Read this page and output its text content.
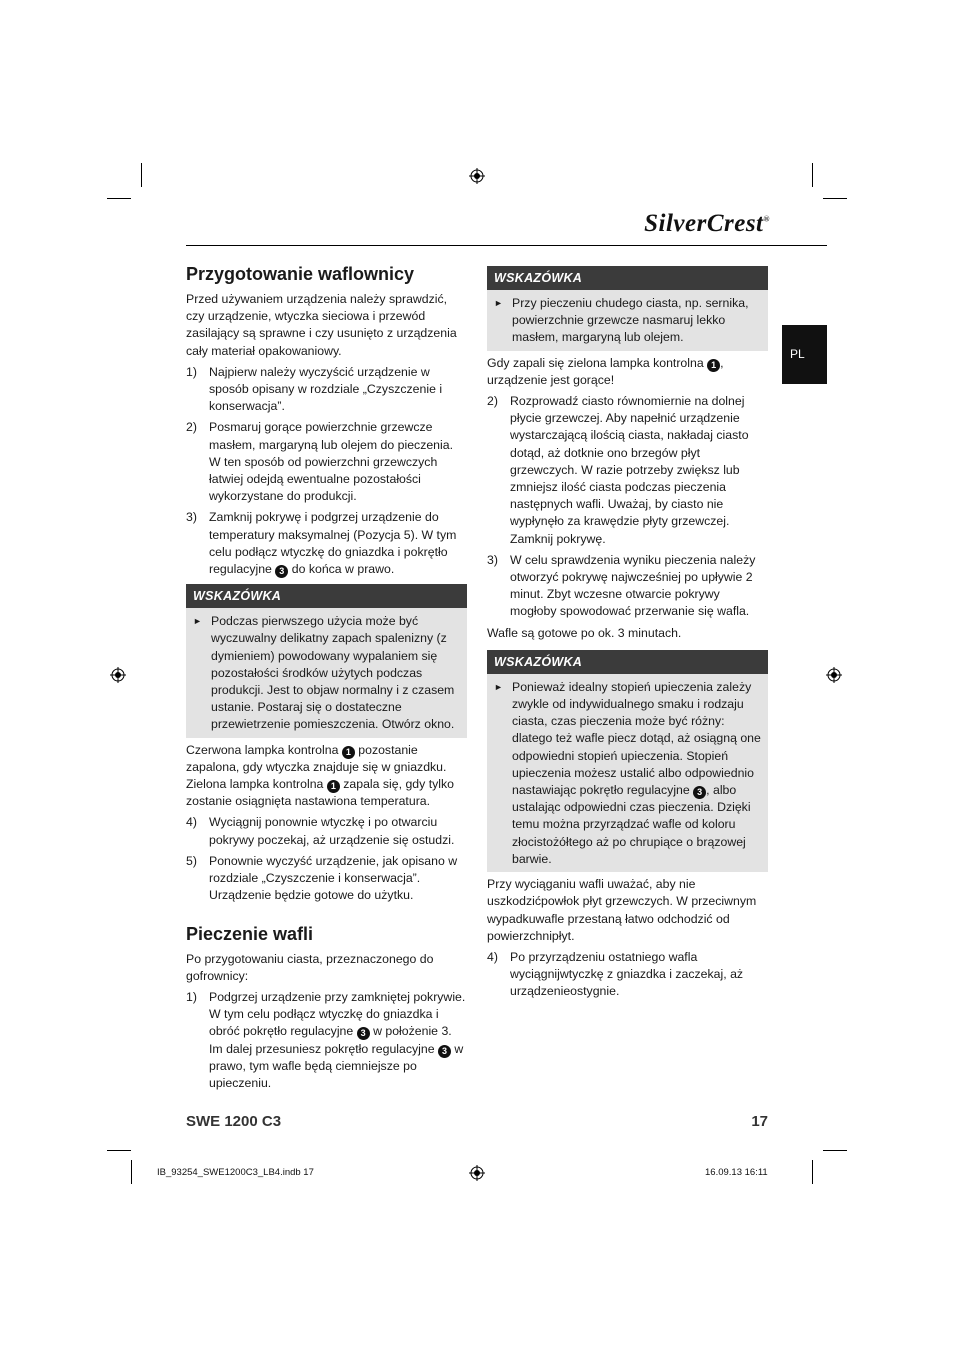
SilverCrest®
PL
Przygotowanie waflownicy

Przed używaniem urządzenia należy sprawdzić, czy urządzenie, wtyczka sieciowa i przewód zasilający są sprawne i czy usunięto z urządzenia cały materiał opakowaniowy.

1) Najpierw należy wyczyścić urządzenie w sposób opisany w rozdziale „Czyszczenie i konserwacja”.
2) Posmaruj gorące powierzchnie grzewcze masłem, margaryną lub olejem do pieczenia. W ten sposób od powierzchni grzewczych łatwiej odejdą ewentualne pozostałości wykorzystane do produkcji.
3) Zamknij pokrywę i podgrzej urządzenie do temperatury maksymalnej (Pozycja 5). W tym celu podłącz wtyczkę do gniazdka i pokrętło regulacyjne 3 do końca w prawo.
WSKAZÓWKA
► Podczas pierwszego użycia może być wyczuwalny delikatny zapach spalenizny (z dymieniem) powodowany wypalaniem się pozostałości środków użytych podczas produkcji. Jest to objaw normalny i z czasem ustanie. Postaraj się o dostateczne przewietrzenie pomieszczenia. Otwórz okno.

Czerwona lampka kontrolna 1 pozostanie zapalona, gdy wtyczka znajduje się w gniazdku. Zielona lampka kontrolna 1 zapala się, gdy tylko zostanie osiągnięta nastawiona temperatura.

4) Wyciągnij ponownie wtyczkę i po otwarciu pokrywy poczekaj, aż urządzenie się ostudzi.
5) Ponownie wyczyść urządzenie, jak opisano w rozdziale „Czyszczenie i konserwacja”. Urządzenie będzie gotowe do użytku.
Pieczenie wafli

Po przygotowaniu ciasta, przeznaczonego do gofrownicy:

1) Podgrzej urządzenie przy zamkniętej pokrywie. W tym celu podłącz wtyczkę do gniazdka i obróć pokrętło regulacyjne 3 w położenie 3. Im dalej przesuniesz pokrętło regulacyjne 3 w prawo, tym wafle będą ciemniejsze po upieczeniu.
WSKAZÓWKA
► Przy pieczeniu chudego ciasta, np. sernika, powierzchnie grzewcze nasmaruj lekko masłem, margaryną lub olejem.

Gdy zapali się zielona lampka kontrolna 1 , urządzenie jest gorące!

2) Rozprowadź ciasto równomiernie na dolnej płycie grzewczej. Aby napełnić urządzenie wystarczającą ilością ciasta, nakładaj ciasto dotąd, aż dotknie ono brzegów płyt grzewczych. W razie potrzeby zwiększ lub zmniejsz ilość ciasta podczas pieczenia następnych wafli. Uważaj, by ciasto nie wypłynęło za krawędzie płyty grzewczej. Zamknij pokrywę.
3) W celu sprawdzenia wyniku pieczenia należy otworzyć pokrywę najwcześniej po upływie 2 minut. Zbyt wczesne otwarcie pokrywy mogłoby spowodować przerwanie się wafla.

Wafle są gotowe po ok. 3 minutach.

WSKAZÓWKA
► Ponieważ idealny stopień upieczenia zależy zwykle od indywidualnego smaku i rodzaju ciasta, czas pieczenia może być różny: dlatego też wafle piecz dotąd, aż osiągną one odpowiedni stopień upieczenia. Stopień upieczenia możesz ustalić albo odpowiednio nastawiając pokrętło regulacyjne 3 , albo ustalając odpowiedni czas pieczenia. Dzięki temu można przyrządzać wafle od koloru złocistożółtego aż po chrupiące o brązowej barwie.

Przy wyciąganiu wafli uważać, aby nie uszkodzićpowłok płyt grzewczych. W przeciwnym wypadkuwafle przestaną łatwo odchodzić od powierzchnipłyt.

4) Po przyrządzeniu ostatniego wafla wyciągnijwtyczkę z gniazdka i zaczekaj, aż urządzenieostygnie.
SWE 1200 C3	17
IB_93254_SWE1200C3_LB4.indb 17	16.09.13 16:11
